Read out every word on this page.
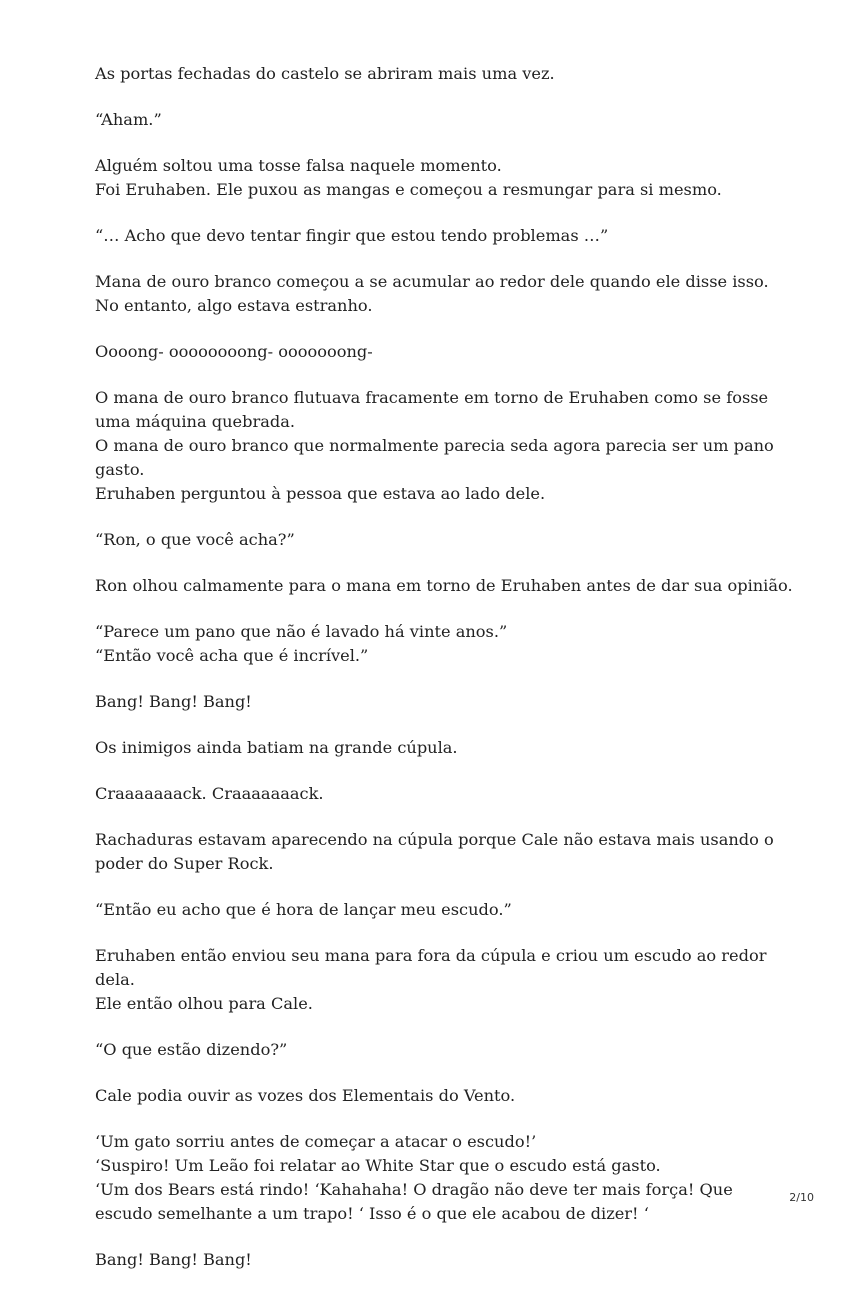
As portas fechadas do castelo se abriram mais uma vez.

“Aham.”

Alguém soltou uma tosse falsa naquele momento.
Foi Eruhaben. Ele puxou as mangas e começou a resmungar para si mesmo.

“… Acho que devo tentar fingir que estou tendo problemas …”

Mana de ouro branco começou a se acumular ao redor dele quando ele disse isso.
No entanto, algo estava estranho.

Oooong- oooooooong- ooooooong-

O mana de ouro branco flutuava fracamente em torno de Eruhaben como se fosse uma máquina quebrada.
O mana de ouro branco que normalmente parecia seda agora parecia ser um pano gasto.
Eruhaben perguntou à pessoa que estava ao lado dele.

“Ron, o que você acha?”

Ron olhou calmamente para o mana em torno de Eruhaben antes de dar sua opinião.

“Parece um pano que não é lavado há vinte anos.”
“Então você acha que é incrível.”

Bang! Bang! Bang!

Os inimigos ainda batiam na grande cúpula.

Craaaaaaack. Craaaaaaack.

Rachaduras estavam aparecendo na cúpula porque Cale não estava mais usando o poder do Super Rock.

“Então eu acho que é hora de lançar meu escudo.”

Eruhaben então enviou seu mana para fora da cúpula e criou um escudo ao redor dela.
Ele então olhou para Cale.

“O que estão dizendo?”

Cale podia ouvir as vozes dos Elementais do Vento.

‘Um gato sorriu antes de começar a atacar o escudo!’
‘Suspiro! Um Leão foi relatar ao White Star que o escudo está gasto.
‘Um dos Bears está rindo! ‘Kahahaha! O dragão não deve ter mais força! Que escudo semelhante a um trapo! ‘ Isso é o que ele acabou de dizer! ‘

Bang! Bang! Bang!

2/10
